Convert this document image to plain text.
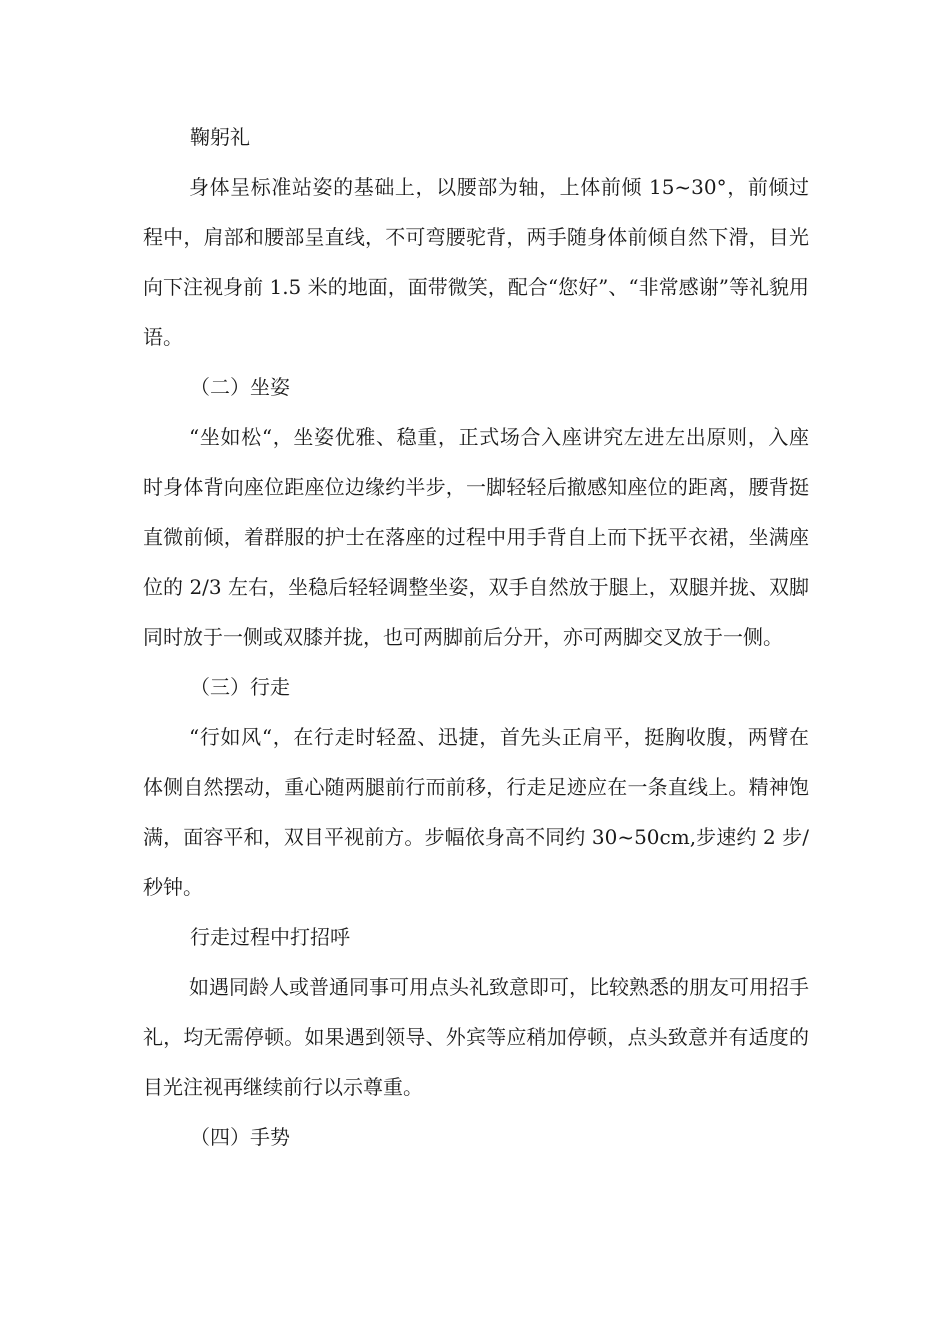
鞠躬礼

身体呈标准站姿的基础上，以腰部为轴，上体前倾 15~30°，前倾过程中，肩部和腰部呈直线，不可弯腰驼背，两手随身体前倾自然下滑，目光向下注视身前 1.5 米的地面，面带微笑，配合“您好”、“非常感谢”等礼貌用语。

（二）坐姿

“坐如松“，坐姿优雅、稳重，正式场合入座讲究左进左出原则，入座时身体背向座位距座位边缘约半步，一脚轻轻后撤感知座位的距离，腰背挺直微前倾，着群服的护士在落座的过程中用手背自上而下抚平衣裙，坐满座位的 2/3 左右，坐稳后轻轻调整坐姿，双手自然放于腿上，双腿并拢、双脚同时放于一侧或双膝并拢，也可两脚前后分开，亦可两脚交叉放于一侧。

（三）行走

“行如风“，在行走时轻盈、迅捷，首先头正肩平，挺胸收腹，两臂在体侧自然摆动，重心随两腿前行而前移，行走足迹应在一条直线上。精神饱满，面容平和，双目平视前方。步幅依身高不同约 30~50cm,步速约 2 步/秒钟。

行走过程中打招呼

如遇同龄人或普通同事可用点头礼致意即可，比较熟悉的朋友可用招手礼，均无需停顿。如果遇到领导、外宾等应稍加停顿，点头致意并有适度的目光注视再继续前行以示尊重。

（四）手势
